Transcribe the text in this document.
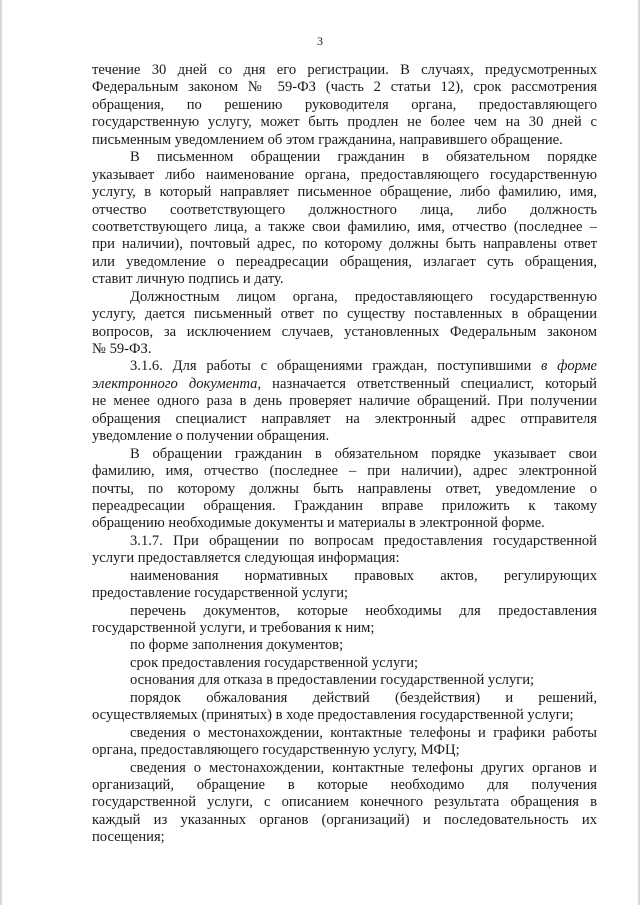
3
течение 30 дней со дня его регистрации. В случаях, предусмотренных
Федеральным законом № 59-ФЗ (часть 2 статьи 12), срок рассмотрения
обращения, по решению руководителя органа, предоставляющего
государственную услугу, может быть продлен не более чем на 30 дней с
письменным уведомлением об этом гражданина, направившего обращение.
В письменном обращении гражданин в обязательном порядке
указывает либо наименование органа, предоставляющего государственную
услугу, в который направляет письменное обращение, либо фамилию, имя,
отчество соответствующего должностного лица, либо должность
соответствующего лица, а также свои фамилию, имя, отчество (последнее –
при наличии), почтовый адрес, по которому должны быть направлены ответ
или уведомление о переадресации обращения, излагает суть обращения,
ставит личную подпись и дату.
Должностным лицом органа, предоставляющего государственную
услугу, дается письменный ответ по существу поставленных в обращении
вопросов, за исключением случаев, установленных Федеральным законом
№ 59-ФЗ.
3.1.6. Для работы с обращениями граждан, поступившими в форме
электронного документа, назначается ответственный специалист, который
не менее одного раза в день проверяет наличие обращений. При получении
обращения специалист направляет на электронный адрес отправителя
уведомление о получении обращения.
В обращении гражданин в обязательном порядке указывает свои
фамилию, имя, отчество (последнее – при наличии), адрес электронной
почты, по которому должны быть направлены ответ, уведомление о
переадресации обращения. Гражданин вправе приложить к такому
обращению необходимые документы и материалы в электронной форме.
3.1.7. При обращении по вопросам предоставления государственной
услуги предоставляется следующая информация:
наименования нормативных правовых актов, регулирующих
предоставление государственной услуги;
перечень документов, которые необходимы для предоставления
государственной услуги, и требования к ним;
по форме заполнения документов;
срок предоставления государственной услуги;
основания для отказа в предоставлении государственной услуги;
порядок обжалования действий (бездействия) и решений,
осуществляемых (принятых) в ходе предоставления государственной услуги;
сведения о местонахождении, контактные телефоны и графики работы
органа, предоставляющего государственную услугу, МФЦ;
сведения о местонахождении, контактные телефоны других органов и
организаций, обращение в которые необходимо для получения
государственной услуги, с описанием конечного результата обращения в
каждый из указанных органов (организаций) и последовательность их
посещения;
